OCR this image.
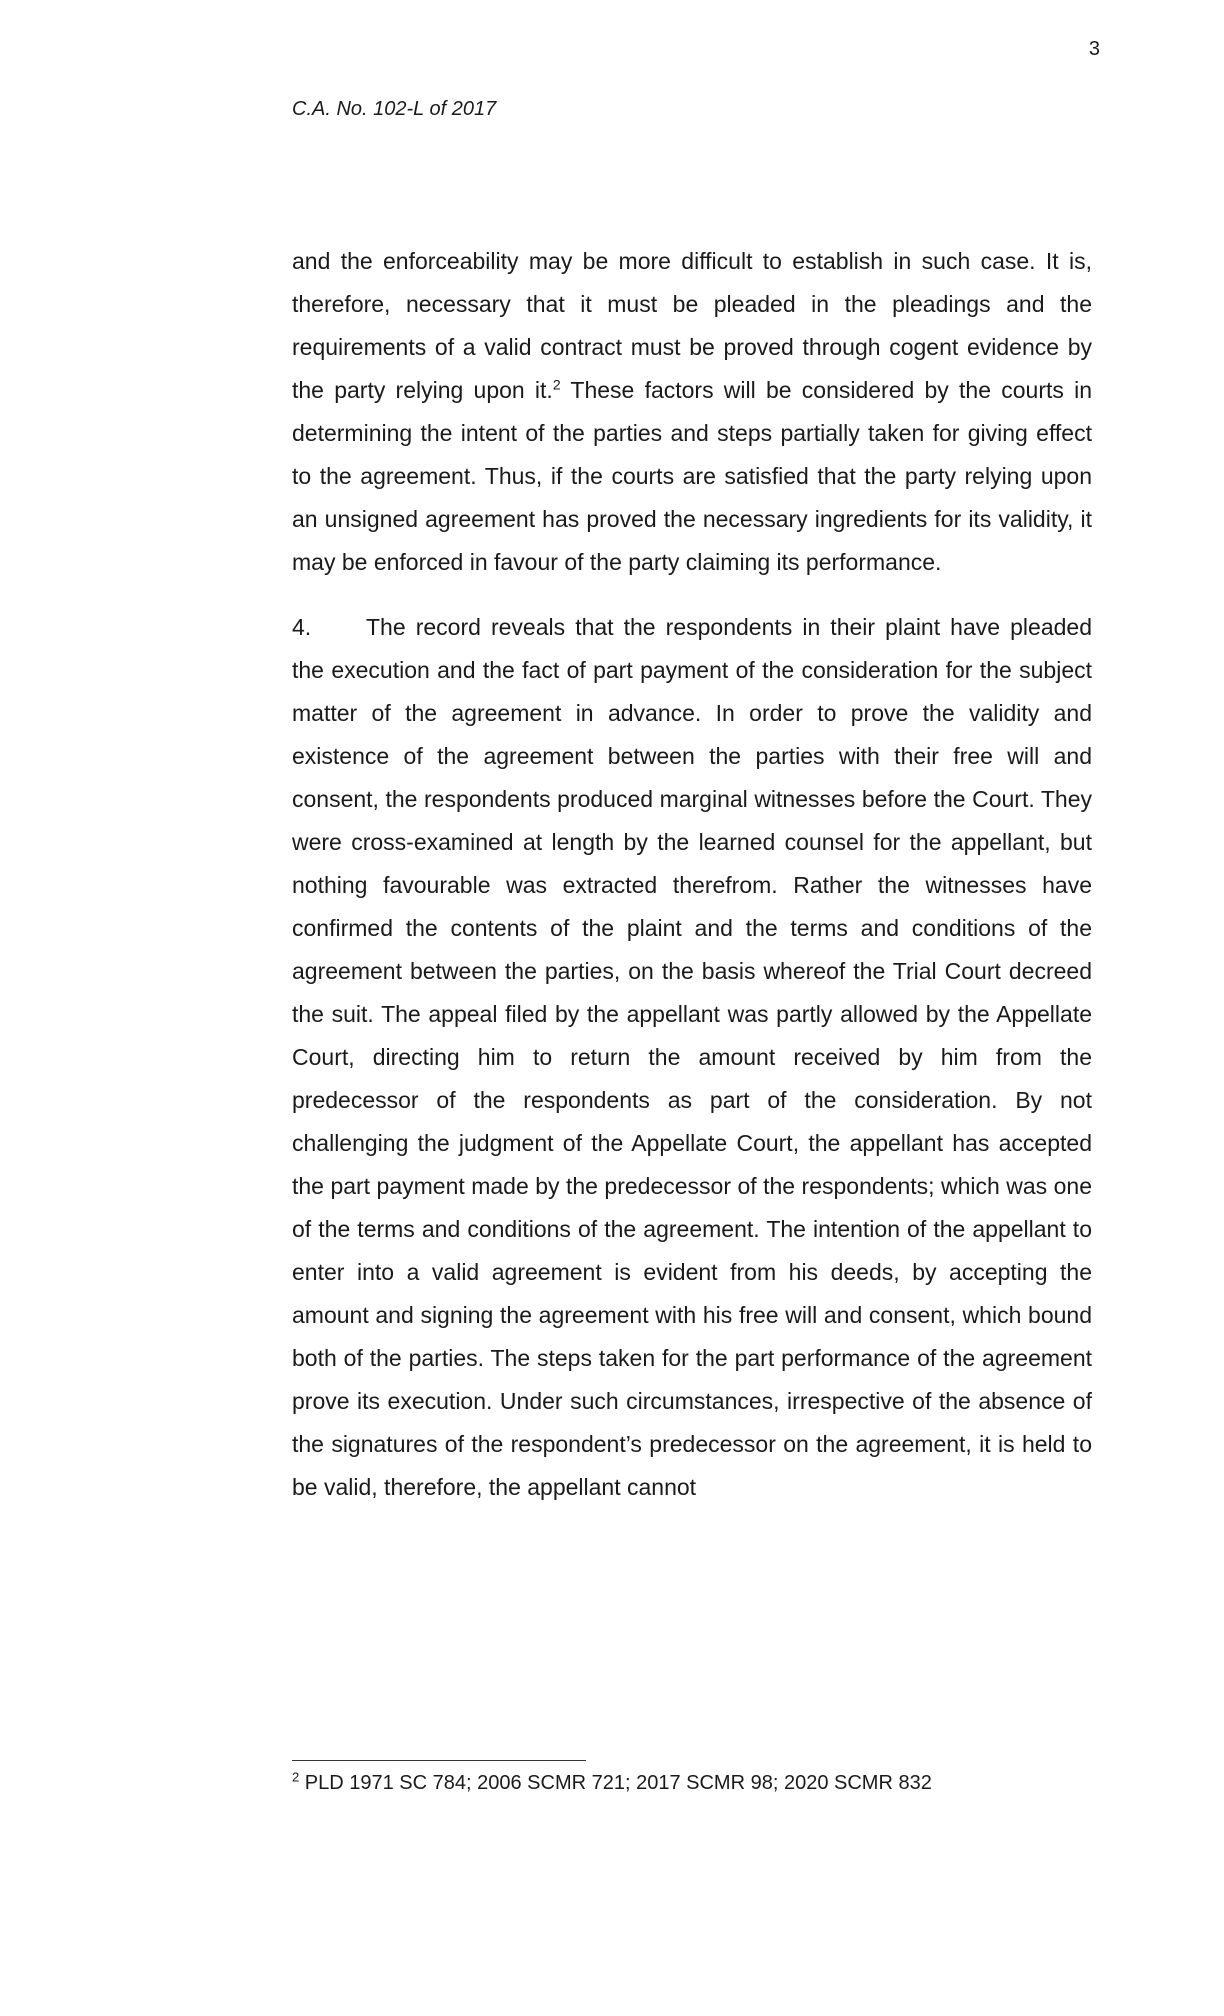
3
C.A. No. 102-L of 2017

and the enforceability may be more difficult to establish in such case. It is, therefore, necessary that it must be pleaded in the pleadings and the requirements of a valid contract must be proved through cogent evidence by the party relying upon it.$^2$ These factors will be considered by the courts in determining the intent of the parties and steps partially taken for giving effect to the agreement. Thus, if the courts are satisfied that the party relying upon an unsigned agreement has proved the necessary ingredients for its validity, it may be enforced in favour of the party claiming its performance.

4. The record reveals that the respondents in their plaint have pleaded the execution and the fact of part payment of the consideration for the subject matter of the agreement in advance. In order to prove the validity and existence of the agreement between the parties with their free will and consent, the respondents produced marginal witnesses before the Court. They were cross-examined at length by the learned counsel for the appellant, but nothing favourable was extracted therefrom. Rather the witnesses have confirmed the contents of the plaint and the terms and conditions of the agreement between the parties, on the basis whereof the Trial Court decreed the suit. The appeal filed by the appellant was partly allowed by the Appellate Court, directing him to return the amount received by him from the predecessor of the respondents as part of the consideration. By not challenging the judgment of the Appellate Court, the appellant has accepted the part payment made by the predecessor of the respondents; which was one of the terms and conditions of the agreement. The intention of the appellant to enter into a valid agreement is evident from his deeds, by accepting the amount and signing the agreement with his free will and consent, which bound both of the parties. The steps taken for the part performance of the agreement prove its execution. Under such circumstances, irrespective of the absence of the signatures of the respondent’s predecessor on the agreement, it is held to be valid, therefore, the appellant cannot

$^2$ PLD 1971 SC 784; 2006 SCMR 721; 2017 SCMR 98; 2020 SCMR 832
